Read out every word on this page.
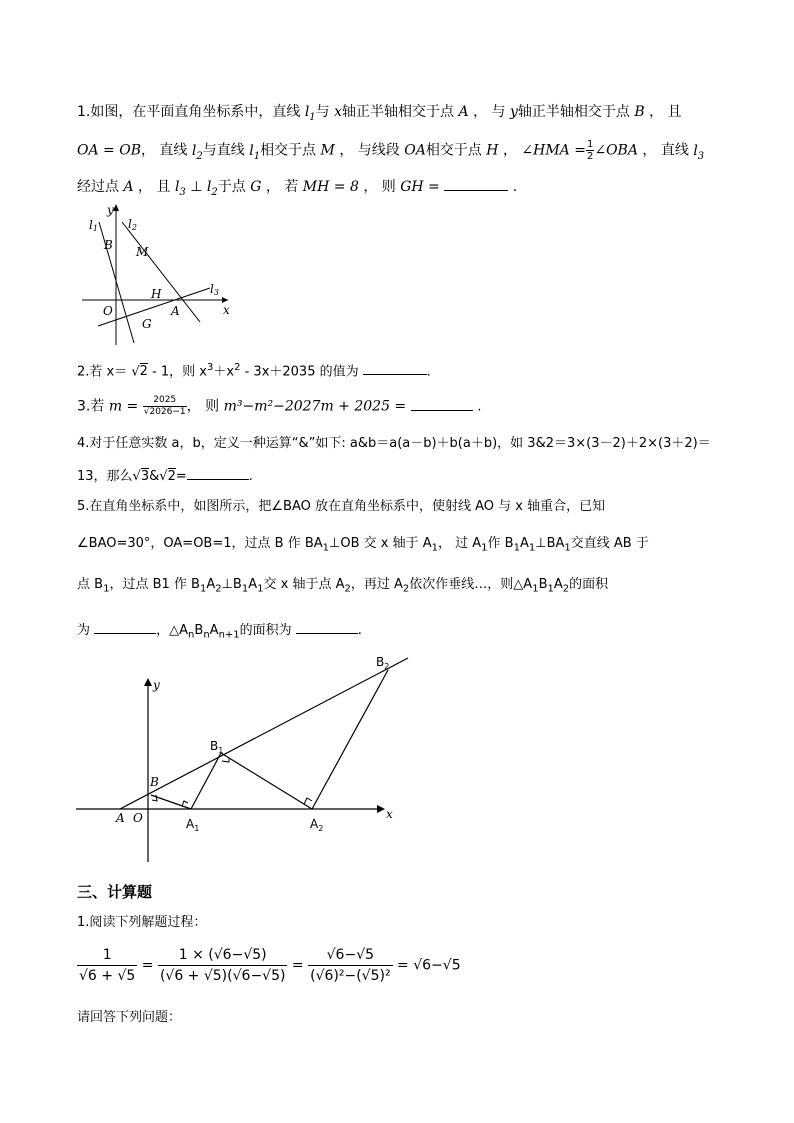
1.如图，在平面直角坐标系中，直线 $l_1$与 x轴正半轴相交于点 A ， 与 y轴正半轴相交于点 B ， 且
OA = OB， 直线 $l_2$与直线 $l_1$相交于点 M ， 与线段 OA相交于点 H ， ∠HMA = $\frac{1}{2}$ ∠OBA ， 直线 $l_3$
经过点 A ， 且 $l_3$ ⊥ $l_2$于点 G ， 若 MH = 8 ， 则 GH =	.
y
x
l1	l2
l3
B M
H
A
O
G
2.若 x＝ √2 - 1，则 $x^3+x^2 - 3x+2035$ 的值为	.
3.若 $m = \frac{2025}{√2026-1}$ ， 则 m³−m²−2027m + 2025 =	.
4.对于任意实数 a，b，定义一种运算“&”如下: a&b＝a(a－b)＋b(a＋b)，如 3&2＝3×(3－2)＋2×(3＋2)＝
13，那么√3&√2=	.
5.在直角坐标系中，如图所示，把∠BAO 放在直角坐标系中，使射线 AO 与 x 轴重合，已知
∠BAO=30°，OA=OB=1，过点 B 作 $BA_1\perp OB$ 交 x 轴于 $A_1$， 过 $A_1$作 $B_1A_1\perp BA_1$交直线 AB 于
点 $B_1$，过点 B1 作 $B_1A_2\perp B_1A_1$交 x 轴于点 $A_2$，再过 $A_2$依次作垂线…，则$\triangle A_1B_1A_2$的面积
为	，$\triangle A_nB_nA_{n+1}$的面积为	.
x
y
A O
B
$B_1$
$B_2$
$A_1$	$A_2$
三、计算题
1.阅读下列解题过程：
$\frac{1}{√6 + √5} = \frac{1 \times (√6-√5)}{(√6 + √5)(√6-√5)} = \frac{√6-√5}{\text{(√6)²−(√5)²}} = √6-√5$
请回答下列问题：
